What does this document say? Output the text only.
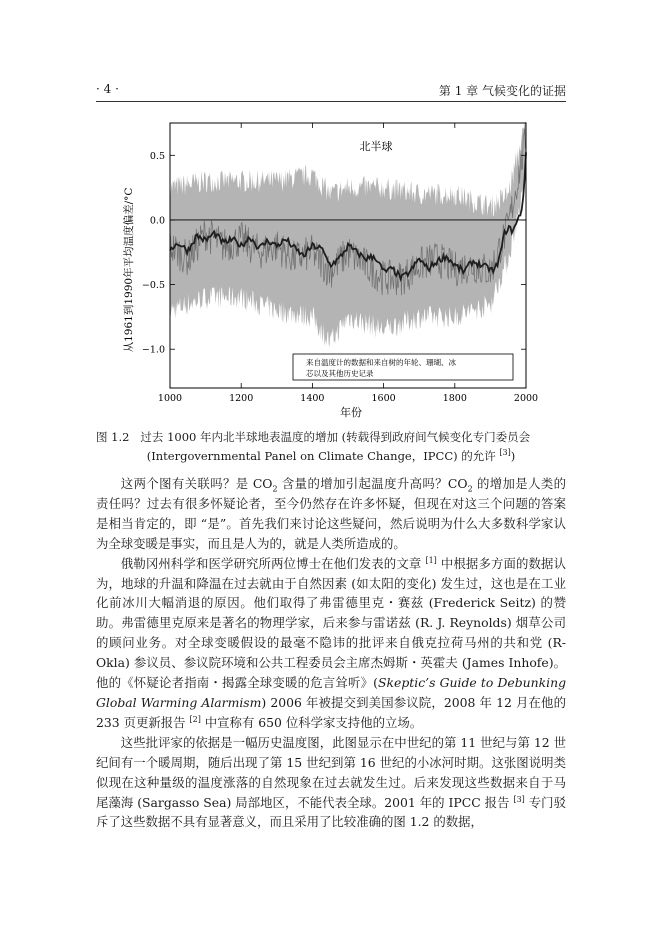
· 4 ·	第 1 章 气候变化的证据
1000	1200	1400	1600	1800	2000
0.5
0.0
−0.5
−1.0
北半球
年份
从1961到1990年平均温度偏差/°C
来自温度计的数据和来自树的年轮、珊瑚、冰
芯以及其他历史记录
图 1.2 过去 1000 年内北半球地表温度的增加 (转载得到政府间气候变化专门委员会
(Intergovernmental Panel on Climate Change，IPCC) 的允许 [3])

这两个图有关联吗？是 $CO_2$ 含量的增加引起温度升高吗？$CO_2$ 的增加是人类的责任吗？过去有很多怀疑论者，至今仍然存在许多怀疑，但现在对这三个问题的答案是相当肯定的，即 “是”。首先我们来讨论这些疑问，然后说明为什么大多数科学家认为全球变暖是事实，而且是人为的，就是人类所造成的。

俄勒冈州科学和医学研究所两位博士在他们发表的文章 [1] 中根据多方面的数据认为，地球的升温和降温在过去就由于自然因素 (如太阳的变化) 发生过，这也是在工业化前冰川大幅消退的原因。他们取得了弗雷德里克・赛兹 (Frederick Seitz) 的赞助。弗雷德里克原来是著名的物理学家，后来参与雷诺兹 (R. J. Reynolds) 烟草公司的顾问业务。对全球变暖假设的最毫不隐讳的批评来自俄克拉荷马州的共和党 (R-Okla) 参议员、参议院环境和公共工程委员会主席杰姆斯・英霍夫 (James Inhofe)。他的《怀疑论者指南・揭露全球变暖的危言耸听》(Skeptic’s Guide to Debunking Global Warming Alarmism) 2006 年被提交到美国参议院，2008 年 12 月在他的 233 页更新报告 [2] 中宣称有 650 位科学家支持他的立场。

这些批评家的依据是一幅历史温度图，此图显示在中世纪的第 11 世纪与第 12 世纪间有一个暖周期，随后出现了第 15 世纪到第 16 世纪的小冰河时期。这张图说明类似现在这种量级的温度涨落的自然现象在过去就发生过。后来发现这些数据来自于马尾藻海 (Sargasso Sea) 局部地区，不能代表全球。2001 年的 IPCC 报告 [3] 专门驳斥了这些数据不具有显著意义，而且采用了比较准确的图 1.2 的数据，
